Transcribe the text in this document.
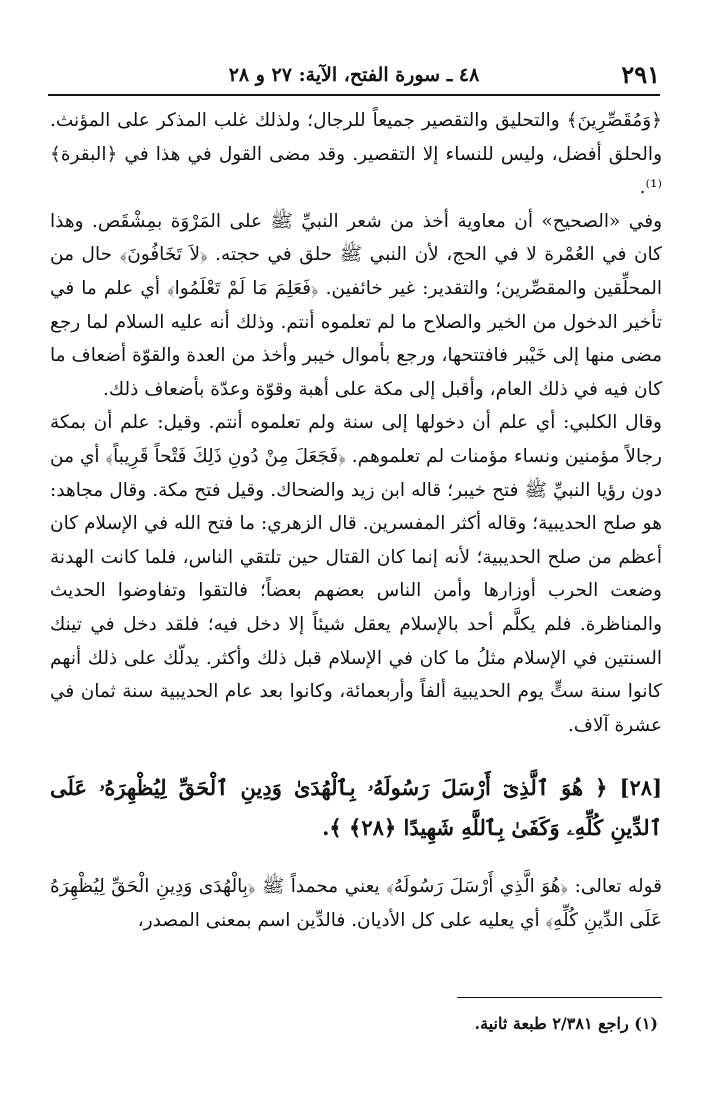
٢٩١
٤٨ ـ سورة الفتح، الآية: ٢٧ و ٢٨

﴿وَمُقَصِّرِينَ﴾ والتحليق والتقصير جميعاً للرجال؛ ولذلك غلب المذكر على المؤنث. والحلق أفضل، وليس للنساء إلا التقصير. وقد مضى القول في هذا في ﴿البقرة﴾⁽¹⁾.

وفي «الصحيح» أن معاوية أخذ من شعر النبيِّ ﷺ على المَرْوَة بمِشْقَص. وهذا كان في العُمْرة لا في الحج، لأن النبي ﷺ حلق في حجته. ﴿لاَ تَخَافُونَ﴾ حال من المحلِّقين والمقصِّرين؛ والتقدير: غير خائفين. ﴿فَعَلِمَ مَا لَمْ تَعْلَمُوا﴾ أي علم ما في تأخير الدخول من الخير والصلاح ما لم تعلموه أنتم. وذلك أنه عليه السلام لما رجع مضى منها إلى خَيْبر فافتتحها، ورجع بأموال خيبر وأخذ من العدة والقوّة أضعاف ما كان فيه في ذلك العام، وأقبل إلى مكة على أهبة وقوّة وعدّة بأضعاف ذلك.

وقال الكلبي: أي علم أن دخولها إلى سنة ولم تعلموه أنتم. وقيل: علم أن بمكة رجالاً مؤمنين ونساء مؤمنات لم تعلموهم. ﴿فَجَعَلَ مِنْ دُونِ ذَلِكَ فَتْحاً قَرِيباً﴾ أي من دون رؤيا النبيِّ ﷺ فتح خيبر؛ قاله ابن زيد والضحاك. وقيل فتح مكة. وقال مجاهد: هو صلح الحديبية؛ وقاله أكثر المفسرين. قال الزهري: ما فتح الله في الإسلام كان أعظم من صلح الحديبية؛ لأنه إنما كان القتال حين تلتقي الناس، فلما كانت الهدنة وضعت الحرب أوزارها وأمن الناس بعضهم بعضاً؛ فالتقوا وتفاوضوا الحديث والمناظرة. فلم يكلَّم أحد بالإسلام يعقل شيئاً إلا دخل فيه؛ فلقد دخل في تينك السنتين في الإسلام مثلُ ما كان في الإسلام قبل ذلك وأكثر. يدلّك على ذلك أنهم كانوا سنة ستٍّ يوم الحديبية ألفاً وأربعمائة، وكانوا بعد عام الحديبية سنة ثمان في عشرة آلاف.

[٢٨] ﴿ هُوَ ٱلَّذِىٓ أَرْسَلَ رَسُولَهُۥ بِٱلْهُدَىٰ وَدِينِ ٱلْحَقِّ لِيُظْهِرَهُۥ عَلَى ٱلدِّينِ كُلِّهِۦ وَكَفَىٰ بِٱللَّهِ شَهِيدًا ﴿٢٨﴾ ﴾.

قوله تعالى: ﴿هُوَ الَّذِي أَرْسَلَ رَسُولَهُ﴾ يعني محمداً ﷺ ﴿بِالْهُدَى وَدِينِ الْحَقِّ لِيُظْهِرَهُ عَلَى الدِّينِ كُلِّهِ﴾ أي يعليه على كل الأديان. فالدِّين اسم بمعنى المصدر،

(١) راجع ٢/٣٨١ طبعة ثانية.
